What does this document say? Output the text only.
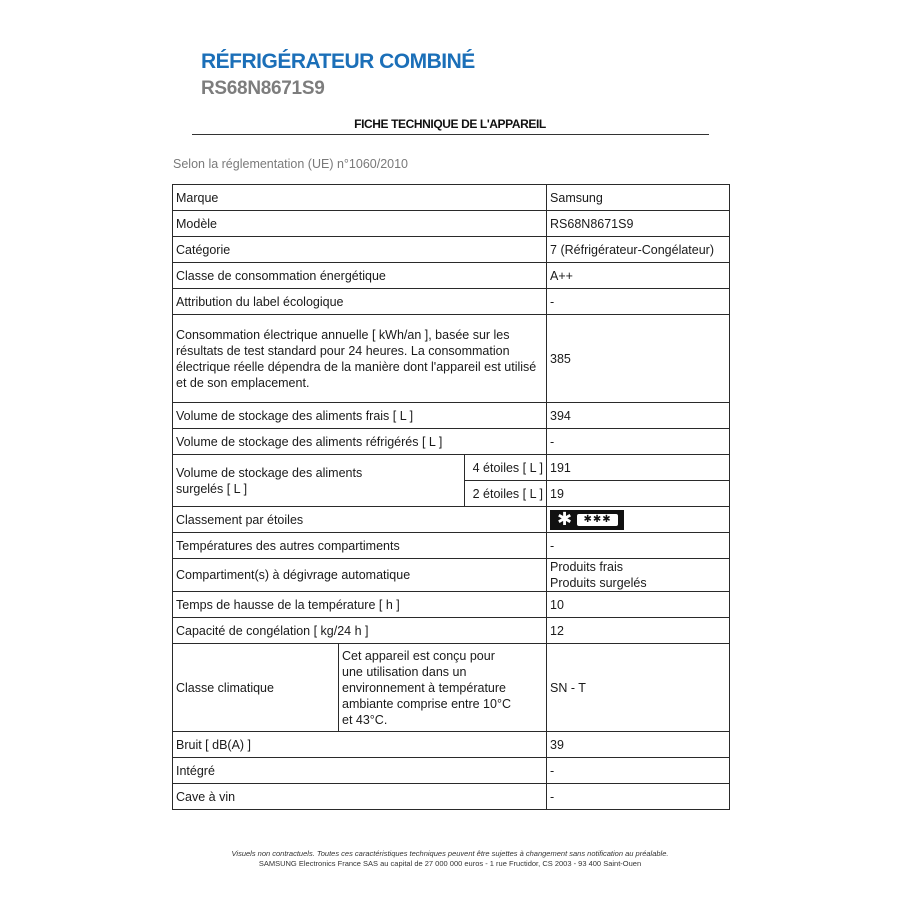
RÉFRIGÉRATEUR COMBINÉ
RS68N8671S9
FICHE TECHNIQUE DE L'APPAREIL
Selon la réglementation (UE) n°1060/2010
Marque			Samsung
Modèle			RS68N8671S9
Catégorie			7 (Réfrigérateur-Congélateur)
Classe de consommation énergétique			A++
Attribution du label écologique			-
Consommation électrique annuelle [ kWh/an ], basée sur les résultats de test standard pour 24 heures. La consommation électrique réelle dépendra de la manière dont l'appareil est utilisé et de son emplacement.			385
Volume de stockage des aliments frais [ L ]			394
Volume de stockage des aliments réfrigérés [ L ]			-
Volume de stockage des aliments surgelés [ L ]		4 étoiles [ L ]	191
		2 étoiles [ L ]	19
Classement par étoiles			✱ ✱✱✱

Températures des autres compartiments			-
Compartiment(s) à dégivrage automatique			Produits frais
Produits surgelés

Temps de hausse de la température [ h ]			10
Capacité de congélation [ kg/24 h ]			12
Classe climatique	Cet appareil est conçu pour une utilisation dans un environnement à température ambiante comprise entre 10°C et 43°C.		SN - T
Bruit [ dB(A) ]			39
Intégré			-
Cave à vin			-
Visuels non contractuels. Toutes ces caractéristiques techniques peuvent être sujettes à changement sans notification au préalable.
SAMSUNG Electronics France SAS au capital de 27 000 000 euros - 1 rue Fructidor, CS 2003 - 93 400 Saint-Ouen
